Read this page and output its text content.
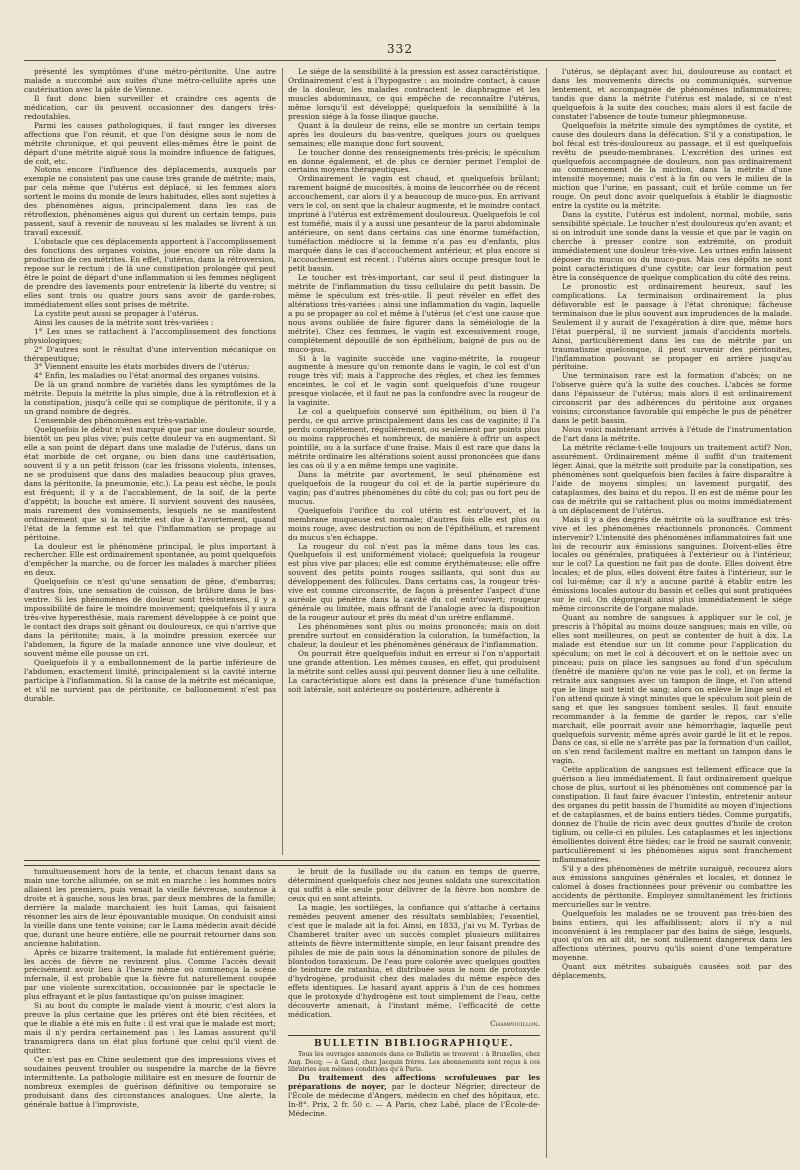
332

présenté les symptômes d'une métro-péritonite. Une autre malade a succombé aux suites d'une métro-cellulite après une cautérisation avec la pâte de Vienne.

Il faut donc bien surveiller et craindre ces agents de médication, car ils peuvent occasionner des dangers très-redoutables.

Parmi les causes pathologiques, il faut ranger les diverses affections que l'on réunit, et que l'on désigne sous le nom de métrite chronique, et qui peuvent elles-mêmes être le point de départ d'une métrite aiguë sous la moindre influence de fatigues, de coït, etc.

Notons encore l'influence des déplacements, auxquels par exemple ne consistent pas une cause très grande de métrite; mais, par cela même que l'utérus est déplacé, si les femmes alors sortent le moins du monde de leurs habitudes, elles sont sujettes à des phénomènes aigus, principalement dans les cas de rétroflexion, phénomènes aigus qui durent un certain temps, puis passent, sauf à revenir de nouveau si les malades se livrent à un travail excessif.

L'obstacle que ces déplacements apportent à l'accomplissement des fonctions des organes voisins, joue encore un rôle dans la production de ces métrites. En effet, l'utérus, dans la rétroversion, repose sur le rectum : de là une constipation prolongée qui peut être le point de départ d'une inflammation si les femmes négligent de prendre des lavements pour entretenir la liberté du ventre; si elles sont trois ou quatre jours sans avoir de garde-robes, immédiatement elles sont prises de métrite.

La cystite peut aussi se propager à l'utérus.

Ainsi les causes de la métrite sont très-variées :

1° Les unes se rattachent à l'accomplissement des fonctions physiologiques;

2° D'autres sont le résultat d'une intervention mécanique ou thérapeutique;

3° Viennent ensuite les états morbides divers de l'utérus;

4° Enfin, les maladies ou l'état anormal des organes voisins.

De là un grand nombre de variétés dans les symptômes de la métrite. Depuis la métrite la plus simple, due à la rétroflexion et à la constipation, jusqu'à celle qui se complique de péritonite, il y a un grand nombre de degrés.

L'ensemble des phénomènes est très-variable.

Quelquefois le début n'est marqué que par une douleur sourde, bientôt un peu plus vive; puis cette douleur va en augmentant. Si elle a son point de départ dans une maladie de l'utérus, dans un état morbide de cet organe, ou bien dans une cautérisation, souvent il y a un petit frisson (car les frissons violents, intenses, ne se produisent que dans des maladies beaucoup plus graves, dans la péritonite, la pneumonie, etc.). La peau est sèche, le pouls est fréquent; il y a de l'accablement, de la soif, de la perte d'appétit; la bouche est amère. Il survient souvent des nausées, mais rarement des vomissements, lesquels ne se manifestent ordinairement que si la métrite est due à l'avortement, quand l'état de la femme est tel que l'inflammation se propage au péritoine.

La douleur est le phénomène principal, le plus important à rechercher. Elle est ordinairement spontanée, au point quelquefois d'empêcher la marche, ou de forcer les malades à marcher pliées en deux.

Quelquefois ce n'est qu'une sensation de gêne, d'embarras; d'autres fois, une sensation de cuisson, de brûlure dans le bas-ventre. Si les phénomènes de douleur sont très-intenses, il y a impossibilité de faire le moindre mouvement; quelquefois il y aura très-vive hyperesthésie, mais rarement développée à ce point que le contact des draps soit gênant ou douloureux, ce qui n'arrive que dans la péritonite; mais, à la moindre pression exercée sur l'abdomen, la figure de la malade annonce une vive douleur, et souvent même elle pousse un cri.

Quelquefois il y a emballonnement de la partie inférieure de l'abdomen, exactement limité, principalement si la cavité interne participe à l'inflammation. Si la cause de la métrite est mécanique, et s'il ne survient pas de péritonite, ce ballonnement n'est pas durable.

Le siége de la sensibilité à la pression est assez caractéristique. Ordinairement c'est à l'hypogastre : au moindre contact, à cause de la douleur, les malades contractent le diaphragme et les muscles abdominaux, ce qui empêche de reconnaître l'utérus, même lorsqu'il est développé; quelquefois la sensibilité à la pression siége à la fosse iliaque gauche.

Quant à la douleur de reins, elle se montre un certain temps après les douleurs du bas-ventre, quelques jours ou quelques semaines; elle manque donc fort souvent.

Le toucher donne des renseignements très-précis; le spéculum en donne également, et de plus ce dernier permet l'emploi de certains moyens thérapeutiques.

Ordinairement le vagin est chaud, et quelquefois brûlant; rarement baigné de mucosités, à moins de leucorrhée ou de récent accouchement, car alors il y a beaucoup de muco-pus. En arrivant vers le col, on sent que la chaleur augmente, et le moindre contact imprimé à l'utérus est extrêmement douloureux. Quelquefois le col est tuméfié, mais il y a aussi une pesanteur de la paroi abdominale antérieure, on sent dans certains cas une énorme tuméfaction, tuméfaction médiocre si la femme n'a pas eu d'enfants, plus marquée dans le cas d'accouchement antérieur, et plus encore si l'accouchement est récent : l'utérus alors occupe presque tout le petit bassin.

Le toucher est très-important, car seul il peut distinguer la métrite de l'inflammation du tissu cellulaire du petit bassin. De même le spéculum est très-utile. Il peut révéler en effet des altérations très-variées : ainsi une inflammation du vagin, laquelle a pu se propager au col et même à l'utérus (et c'est une cause que nous avons oubliée de faire figurer dans la séméiologie de la métrite). Chez ces femmes, le vagin est excessivement rouge, complétement dépouillé de son épithélium, baigné de pus ou de muco-pus.

Si à la vaginite succède une vagino-métrite, la rougeur augmente à mesure qu'on remonte dans le vagin, le col est d'un rouge très vif; mais à l'approche des règles, et chez les femmes enceintes, le col et le vagin sont quelquefois d'une rougeur presque violacée, et il faut ne pas la confondre avec la rougeur de la vaginite.

Le col a quelquefois conservé son épithélium, ou bien il l'a perdu, ce qui arrive principalement dans les cas de vaginite; il l'a perdu complétement, régulièrement, ou seulement par points plus ou moins rapprochés et nombreux, de manière à offrir un aspect pointillé, ou à la surface d'une fraise. Mais il est rare que dans la métrite ordinaire les altérations soient aussi prononcées que dans les cas où il y a en même temps une vaginite.

Dans la métrite par avortement, le seul phénomène est quelquefois de la rougeur du col et de la partie supérieure du vagin; pas d'autres phénomènes du côté du col; pas ou fort peu de mucus.

Quelquefois l'orifice du col utérin est entr'ouvert, et la membrane muqueuse est normale; d'autres fois elle est plus ou moins rouge, avec destruction ou non de l'épithélium, et rarement du mucus s'en échappe.

La rougeur du col n'est pas la même dans tous les cas. Quelquefois il est uniformément violacé; quelquefois la rougeur est plus vive par places; elle est comme érythémateuse; elle offre souvent des petits points rouges saillants, qui sont dus au développement des follicules. Dans certains cas, la rougeur très-vive est comme circonscrite, de façon à présenter l'aspect d'une auréole qui pénètre dans la cavité du col entr'ouvert; rougeur générale ou limitée, mais offrant de l'analogie avec la disposition de la rougeur autour et près du méat d'un urètre enflammé.

Les phénomènes sont plus ou moins prononcés; mais on doit prendre surtout en considération la coloration, la tuméfaction, la chaleur, la douleur et les phénomènes généraux de l'inflammation.

On pourrait être quelquefois induit en erreur si l'on n'apportait une grande attention. Les mêmes causes, en effet, qui produisent la métrite sont celles aussi qui peuvent donner lieu à une cellulite. La caractéristique alors est dans la présence d'une tuméfaction soit latérale, soit antérieure ou postérieure, adhérente à

l'utérus, se déplaçant avec lui, douloureuse au contact et dans les mouvements directs ou communiqués, survenue lentement, et accompagnée de phénomènes inflammatoires; tandis que dans la métrite l'utérus est malade, si ce n'est quelquefois à la suite des couches; mais alors il est facile de constater l'absence de toute tumeur phlegmoneuse.

Quelquefois la métrite simule des symptômes de cystite, et cause des douleurs dans la défécation. S'il y a constipation, le bol fécal est très-douloureux au passage, et il est quelquefois revêtu de pseudo-membranes. L'excrétion des urines est quelquefois accompagnée de douleurs, non pas ordinairement au commencement de la miction, dans la métrite d'une intensité moyenne; mais c'est à la fin ou vers le milieu de la miction que l'urine, en passant, cuit et brûle comme un fer rouge. On peut donc avoir quelquefois à établir le diagnostic entre la cystite ou la métrite.

Dans la cystite, l'utérus est indolent, normal, mobile, sans sensibilité spéciale. Le toucher n'est douloureux qu'en avant; et si on introduit une sonde dans la vessie et que par le vagin on cherche à presser contre son extrémité, on produit immédiatement une douleur très-vive. Les urines enfin laissent déposer du mucus ou du muco-pus. Mais ces dépôts ne sont point caractéristiques d'une cystite; car leur formation peut être la conséquence de quelque complication du côté des reins.

Le pronostic est ordinairement heureux, sauf les complications. La terminaison ordinairement la plus défavorable est le passage à l'état chronique; fâcheuse terminaison due le plus souvent aux imprudences de la malade. Seulement il y aurait de l'exagération à dire que, même hors l'état puerpéral, il ne survient jamais d'accidents mortels. Ainsi, particulièrement dans les cas de métrite par un traumatisme quelconque, il peut survenir des péritonites, l'inflammation pouvant se propager en arrière jusqu'au péritoine.

Une terminaison rare est la formation d'abcès; on ne l'observe guère qu'à la suite des couches. L'abcès se forme dans l'épaisseur de l'utérus; mais alors il est ordinairement circonscrit par des adhérences du péritoine aux organes voisins; circonstance favorable qui empêche le pus de pénétrer dans le petit bassin.

Nous voici maintenant arrivés à l'étude de l'instrumentation de l'art dans la métrite.

La métrite réclame-t-elle toujours un traitement actif? Non, assurément. Ordinairement même il suffit d'un traitement léger. Ainsi, que la métrite soit produite par la constipation, ses phénomènes sont quelquefois bien faciles à faire disparaître à l'aide de moyens simples; un lavement purgatif, des cataplasmes, des bains et du repos. Il en est de même pour les cas de métrite qui se rattachent plus ou moins immédiatement à un déplacement de l'utérus.

Mais il y a des degrés de métrite où la souffrance est très-vive et les phénomènes réactionnels prononcés. Comment intervenir? L'intensité des phénomènes inflammatoires fait une loi de recourir aux émissions sanguines. Doivent-elles être locales ou générales, pratiquées à l'extérieur ou à l'intérieur, sur le col? La question ne fait pas de doute. Elles doivent être locales; et de plus, elles doivent être faites à l'intérieur, sur le col lui-même; car il n'y a aucune parité à établir entre les émissions locales autour du bassin et celles qui sont pratiquées sur le col. On dégorgeait ainsi plus immédiatement le siége même circonscrite de l'organe malade.

Quant au nombre de sangsues à appliquer sur le col, je prescris à l'hôpital au moins douze sangsues; mais en ville, où elles sont meilleures, on peut se contenter de huit à dix. La malade est étendue sur un lit comme pour l'application du spéculum; on met le col à découvert et on le nettoie avec un pinceau; puis on place les sangsues au fond d'un spéculum (fenêtré de manière qu'on ne voie pas le col), et on ferme la retraite aux sangsues avec un tampon de linge, et l'on attend que le linge soit teint de sang; alors on enlève le linge seul et l'on attend quinze à vingt minutes que le spéculum soit plein de sang et que les sangsues tombent seules. Il faut ensuite recommander à la femme de garder le repos, car s'elle marchait, elle pourrait avoir une hémorrhagie, laquelle peut quelquefois survenir, même après avoir gardé le lit et le repos. Dans ce cas, si elle ne s'arrête pas par la formation d'un caillot, on s'en rend facilement maître en mettant un tampon dans le vagin.

Cette application de sangsues est tellement efficace que la guérison a lieu immédiatement. Il faut ordinairement quelque chose de plus, surtout si les phénomènes ont commencé par la constipation. Il faut faire évacuer l'intestin, entretenir autour des organes du petit bassin de l'humidité au moyen d'injections et de cataplasmes, et de bains entiers tièdes. Comme purgatifs, donnez de l'huile de ricin avec deux gouttes d'huile de croton tiglium, ou celle-ci en pilules. Les cataplasmes et les injections émollientes doivent être tièdes; car le froid ne saurait convenir, particulièrement si les phénomènes aigus sont franchement inflammatoires.

S'il y a des phénomènes de métrite suraiguë, recourez alors aux émissions sanguines générales et locales, et donnez le calomel à doses fractionnées pour prévenir ou combattre les accidents de péritonite. Employez simultanément les frictions mercurielles sur le ventre.

Quelquefois les malades ne se trouvent pas très-bien des bains entiers, qui les affaiblissent; alors il n'y a nul inconvénient à les remplacer par des bains de siége, lesquels, quoi qu'on en ait dit, ne sont nullement dangereux dans les affections utérines, pourvu qu'ils soient d'une température moyenne.

Quant aux métrites subaiguës causées soit par des déplacements,

tumultueusement hors de la tente, et chacun tenant dans sa main une torche allumée, on se mit en marche : les hommes noirs allaient les premiers, puis venait la vieille fiévreuse, soutenue à droite et à gauche, sous les bras, par deux membres de la famille; derrière la malade marchaient les huit Lamas, qui faisaient résonner les airs de leur épouvantable musique. On conduisit ainsi la vieille dans une tente voisine; car le Lama médecin avait décidé que, durant une heure entière, elle ne pourrait retourner dans son ancienne habitation.

Après ce bizarre traitement, la malade fut entièrement guérie; les accès de fièvre ne revinrent plus. Comme l'accès devait précisément avoir lieu à l'heure même où commença la scène infernale, il est probable que la fièvre fut naturellement coupée par une violente surexcitation, occasionnée par le spectacle le plus effrayant et le plus fantastique qu'on puisse imaginer.

Si au bout du compte le malade vient à mourir, c'est alors la preuve la plus certaine que les prières ont été bien récitées, et que le diable a été mis en fuite : il est vrai que le malade est mort; mais il n'y perdra certainement pas : les Lamas assurent qu'il transmigrera dans un état plus fortuné que celui qu'il vient de quitter.

Ce n'est pas en Chine seulement que des impressions vives et soudaines peuvent troubler ou suspendre la marche de la fièvre intermittente. La pathologie militaire est en mesure de fournir de nombreux exemples de guérison définitive ou temporaire se produisant dans des circonstances analogues. Une alerte, la générale battue à l'improviste,

le bruit de la fusillade ou du canon en temps de guerre, déterminent quelquefois chez nos jeunes soldats une surexcitation qui suffit à elle seule pour délivrer de la fièvre bon nombre de ceux qui en sont atteints.

La magie, les sortiléges, la confiance qui s'attache à certains remèdes peuvent amener des résultats semblables; l'essentiel, c'est que le malade ait la foi. Ainsi, en 1833, j'ai vu M. Tyrbas de Chamberet traiter avec un succès complet plusieurs militaires atteints de fièvre intermittente simple, en leur faisant prendre des pilules de mie de pain sous la dénomination sonore de pilules de blontodon toraxicum. De l'eau pure colorée avec quelques gouttes de teinture de ratanhia, et distribuée sous le nom de protoxyde d'hydrogène, produisit chez des malades du même espèce des effets identiques. Le hasard ayant appris à l'un de ces hommes que le protoxyde d'hydrogène est tout simplement de l'eau, cette découverte amenait, à l'instant même, l'efficacité de cette médication.

Champouillon.

BULLETIN BIBLIOGRAPHIQUE.

Tous les ouvrages annoncés dans ce Bulletin se trouvent : à Bruxelles, chez Aug. Decq; — à Gand, chez Jacquin frères. Les abonnements sont reçus à ces librairies aux mêmes conditions qu'à Paris.

Du traitement des affections scrofuleuses par les préparations de noyer, par le docteur Négrier, directeur de l'École de médecine d'Angers, médecin en chef des hôpitaux, etc. In-8°. Prix, 2 fr. 50 c. — A Paris, chez Labé, place de l'École-de-Médecine.
